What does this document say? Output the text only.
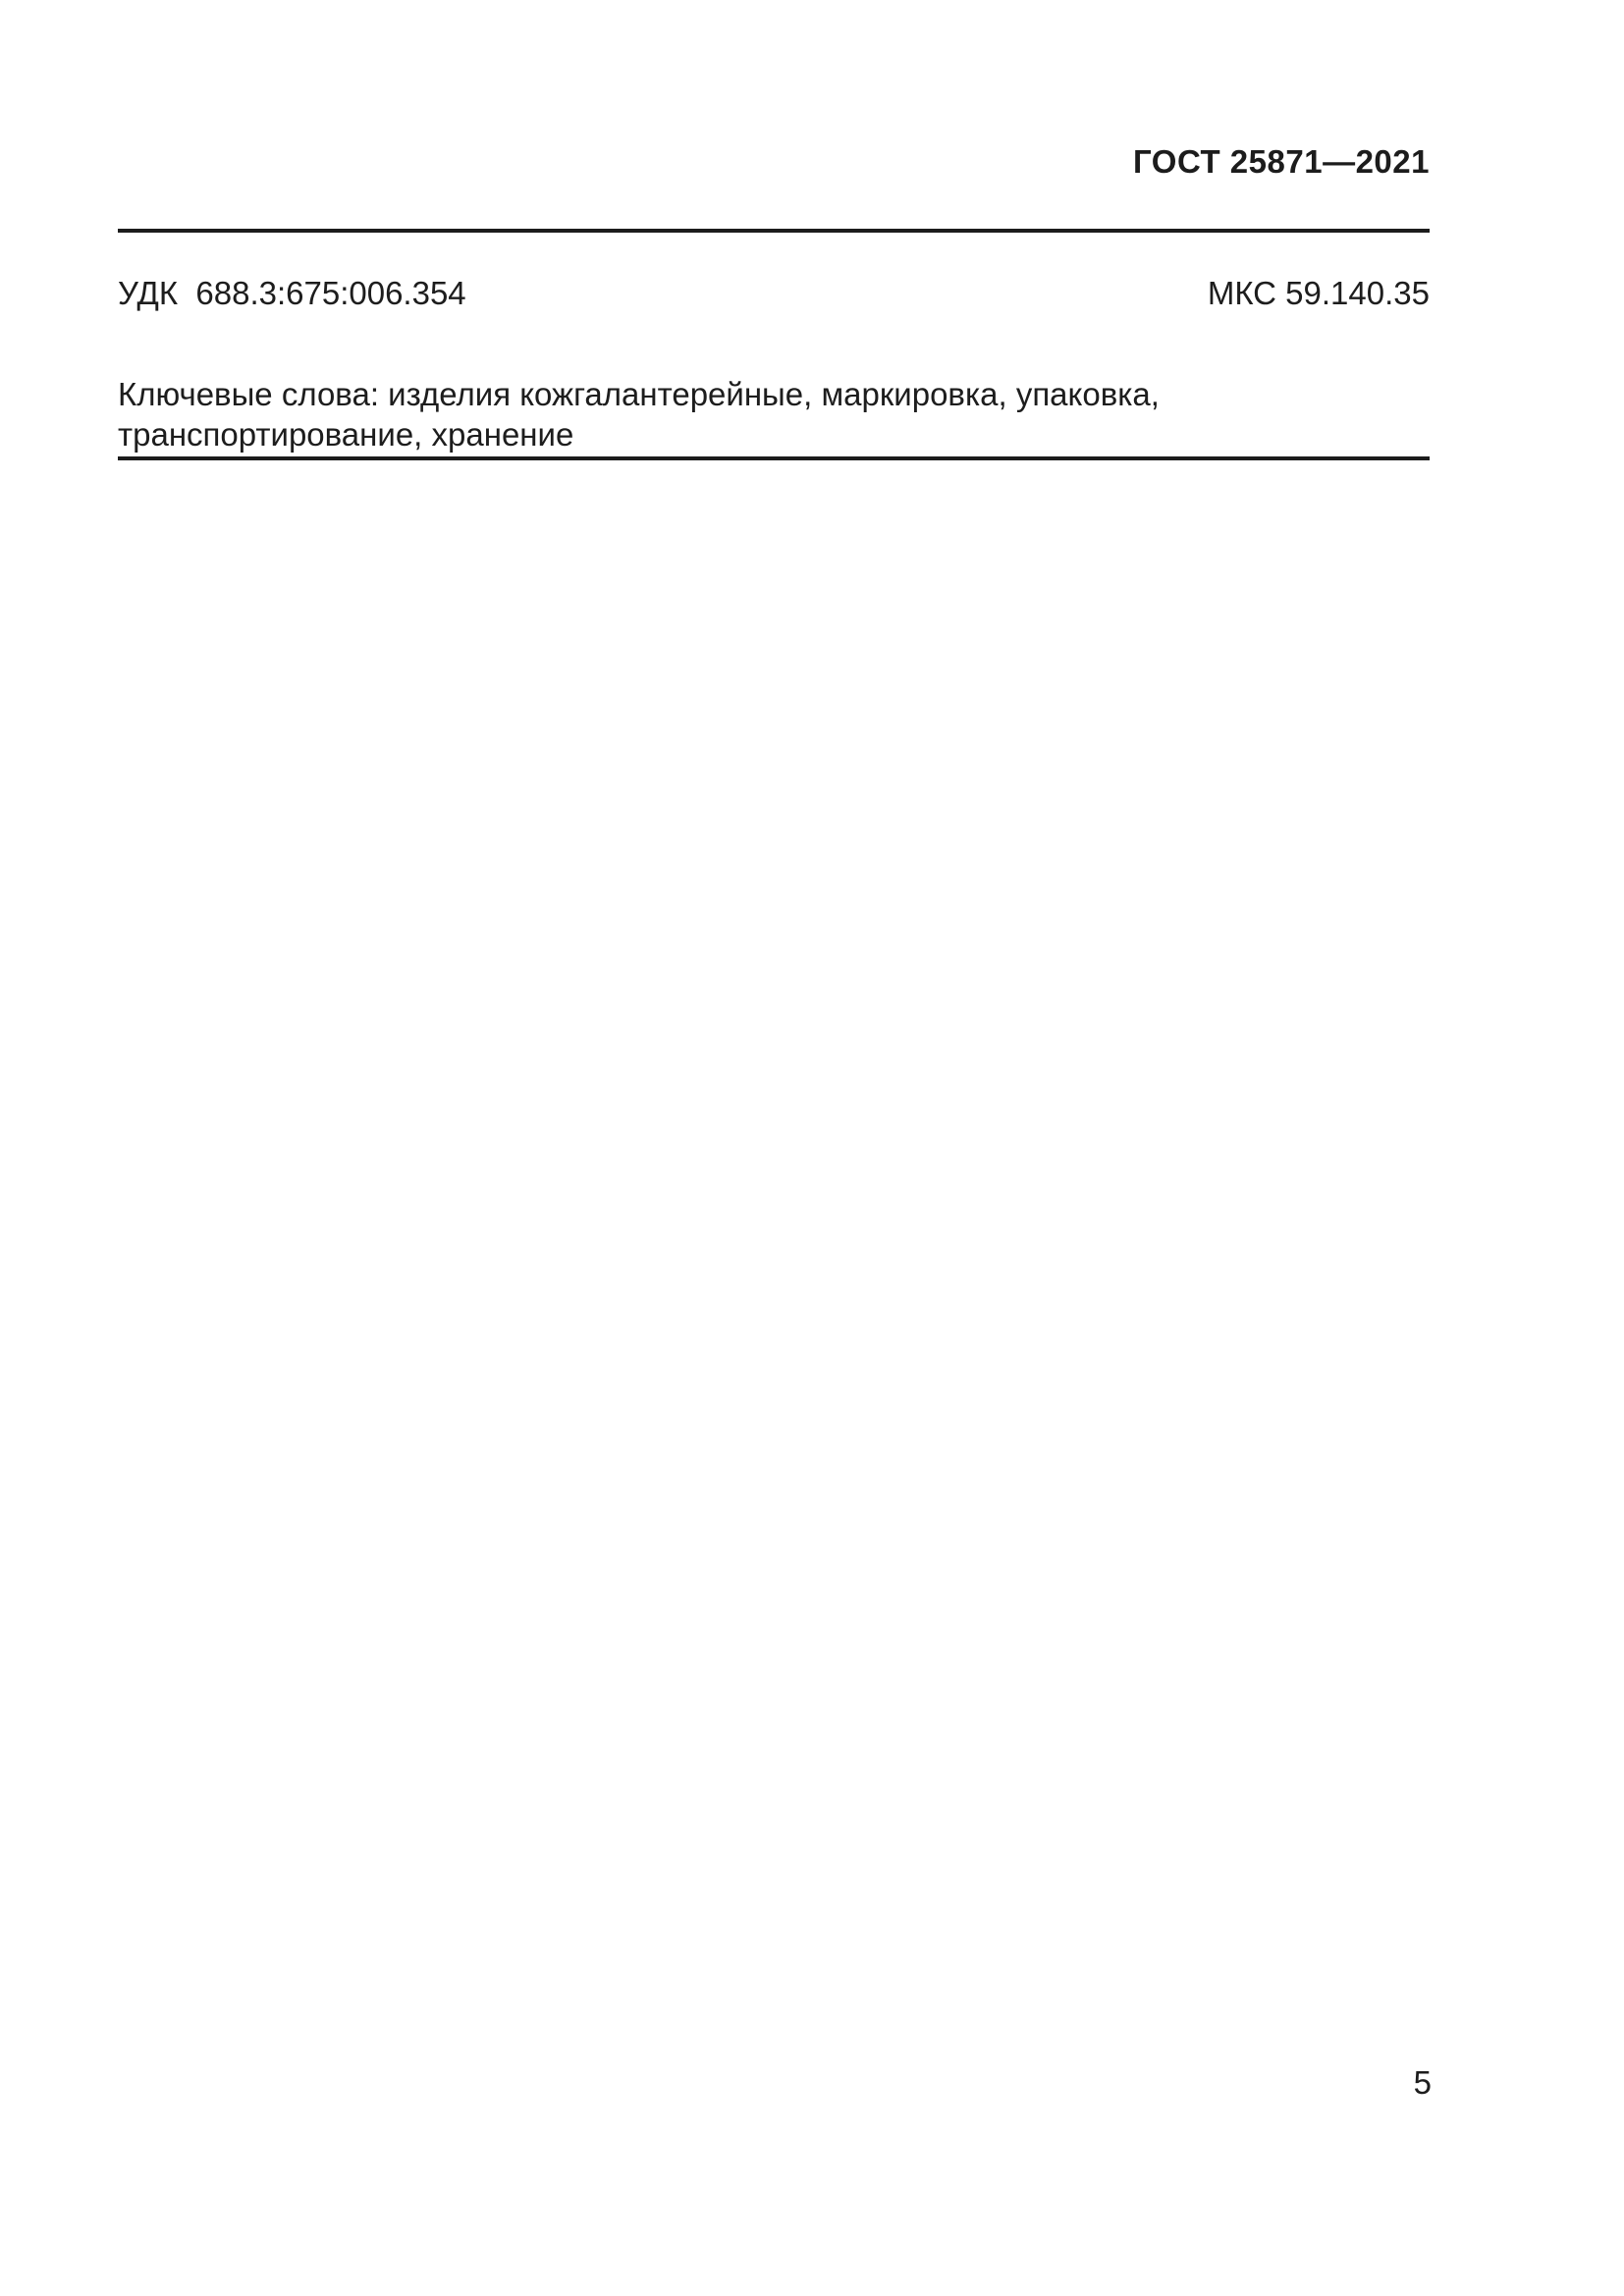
ГОСТ 25871—2021
УДК  688.3:675:006.354	МКС 59.140.35
Ключевые слова: изделия кожгалантерейные, маркировка, упаковка, транспортирование, хранение
5
